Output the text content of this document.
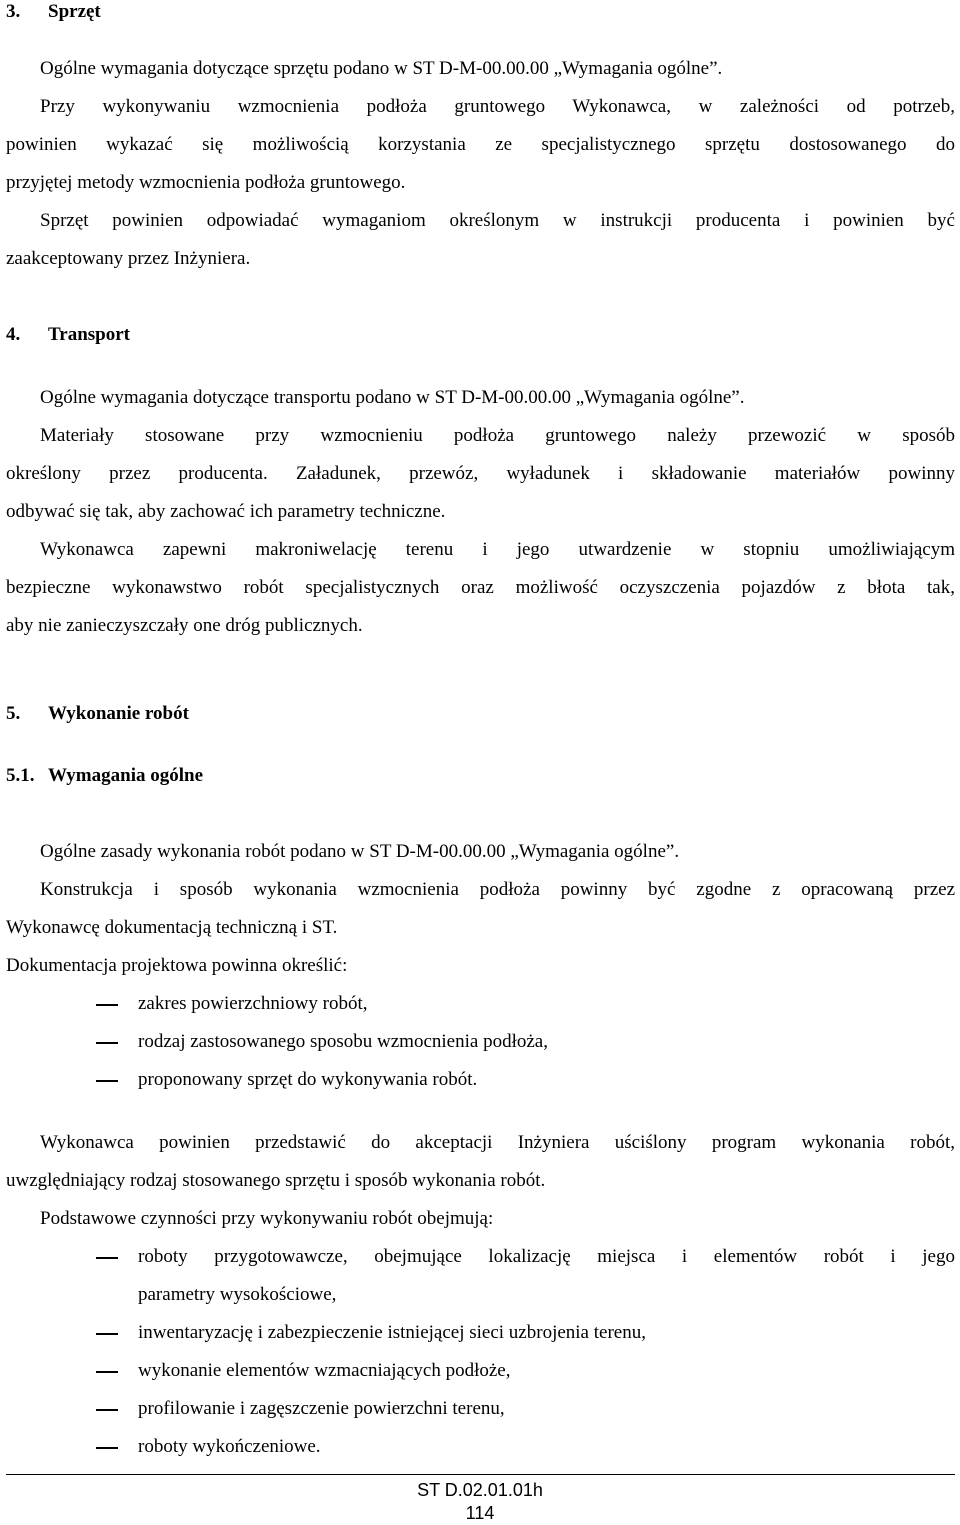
3. Sprzęt
Ogólne wymagania dotyczące sprzętu podano w ST D-M-00.00.00 „Wymagania ogólne”.
Przy wykonywaniu wzmocnienia podłoża gruntowego Wykonawca, w zależności od potrzeb,
powinien wykazać się możliwością korzystania ze specjalistycznego sprzętu dostosowanego do
przyjętej metody wzmocnienia podłoża gruntowego.
Sprzęt powinien odpowiadać wymaganiom określonym w instrukcji producenta i powinien być
zaakceptowany przez Inżyniera.
4. Transport
Ogólne wymagania dotyczące transportu podano w ST D-M-00.00.00 „Wymagania ogólne”.
Materiały stosowane przy wzmocnieniu podłoża gruntowego należy przewozić w sposób
określony przez producenta. Załadunek, przewóz, wyładunek i składowanie materiałów powinny
odbywać się tak, aby zachować ich parametry techniczne.
Wykonawca zapewni makroniwelację terenu i jego utwardzenie w stopniu umożliwiającym
bezpieczne wykonawstwo robót specjalistycznych oraz możliwość oczyszczenia pojazdów z błota tak,
aby nie zanieczyszczały one dróg publicznych.
5. Wykonanie robót
5.1. Wymagania ogólne
Ogólne zasady wykonania robót podano w ST D-M-00.00.00 „Wymagania ogólne”.
Konstrukcja i sposób wykonania wzmocnienia podłoża powinny być zgodne z opracowaną przez
Wykonawcę dokumentacją techniczną i ST.
Dokumentacja projektowa powinna określić:
zakres powierzchniowy robót,
rodzaj zastosowanego sposobu wzmocnienia podłoża,
proponowany sprzęt do wykonywania robót.
Wykonawca powinien przedstawić do akceptacji Inżyniera uściślony program wykonania robót,
uwzględniający rodzaj stosowanego sprzętu i sposób wykonania robót.
Podstawowe czynności przy wykonywaniu robót obejmują:
roboty przygotowawcze, obejmujące lokalizację miejsca i elementów robót i jego
parametry wysokościowe,
inwentaryzację i zabezpieczenie istniejącej sieci uzbrojenia terenu,
wykonanie elementów wzmacniających podłoże,
profilowanie i zagęszczenie powierzchni terenu,
roboty wykończeniowe.
ST D.02.01.01h
114
